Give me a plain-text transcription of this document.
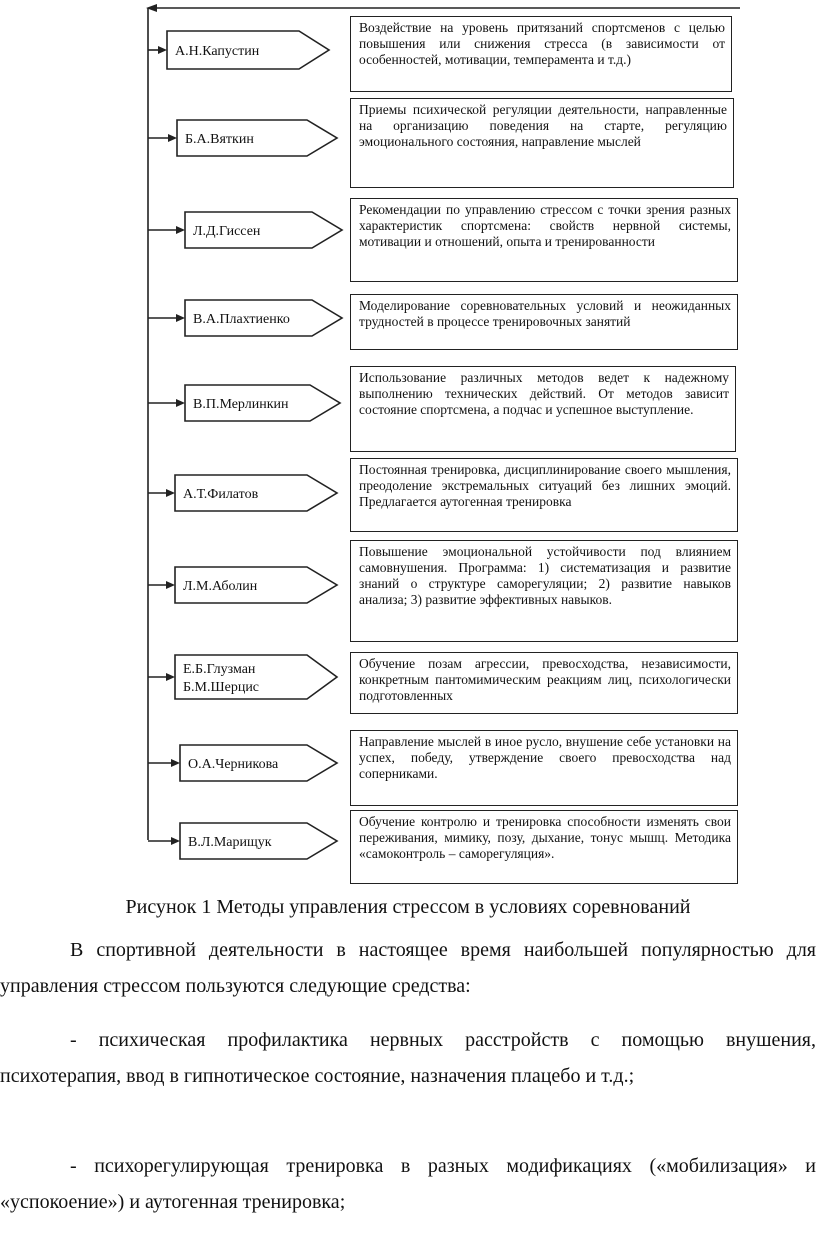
А.Н.Капустин
Б.А.Вяткин
Л.Д.Гиссен
В.А.Плахтиенко
В.П.Мерлинкин
А.Т.Филатов
Л.М.Аболин
Е.Б.Глузман Б.М.Шерцис
О.А.Черникова
В.Л.Марищук
Воздействие на уровень притязаний спортсменов с целью повышения или снижения стресса (в зависимости от особенностей, мотивации, темперамента и т.д.)
Приемы психической регуляции деятельности, направленные на организацию поведения на старте, регуляцию эмоционального состояния, направление мыслей
Рекомендации по управлению стрессом с точки зрения разных характеристик спортсмена: свойств нервной системы, мотивации и отношений, опыта и тренированности
Моделирование соревновательных условий и неожиданных трудностей в процессе тренировочных занятий
Использование различных методов ведет к надежному выполнению технических действий. От методов зависит состояние спортсмена, а подчас и успешное выступление.
Постоянная тренировка, дисциплинирование своего мышления, преодоление экстремальных ситуаций без лишних эмоций. Предлагается аутогенная тренировка
Повышение эмоциональной устойчивости под влиянием самовнушения. Программа: 1) систематизация и развитие знаний о структуре саморегуляции; 2) развитие навыков анализа; 3) развитие эффективных навыков.
Обучение позам агрессии, превосходства, независимости, конкретным пантомимическим реакциям лиц, психологически подготовленных
Направление мыслей в иное русло, внушение себе установки на успех, победу, утверждение своего превосходства над соперниками.
Обучение контролю и тренировка способности изменять свои переживания, мимику, позу, дыхание, тонус мышц. Методика «самоконтроль – саморегуляция».
Рисунок 1 Методы управления стрессом в условиях соревнований

В спортивной деятельности в настоящее время наибольшей популярностью для управления стрессом пользуются следующие средства:

- психическая профилактика нервных расстройств с помощью внушения, психотерапия, ввод в гипнотическое состояние, назначения плацебо и т.д.;

- психорегулирующая тренировка в разных модификациях («мобилизация» и «успокоение») и аутогенная тренировка;
